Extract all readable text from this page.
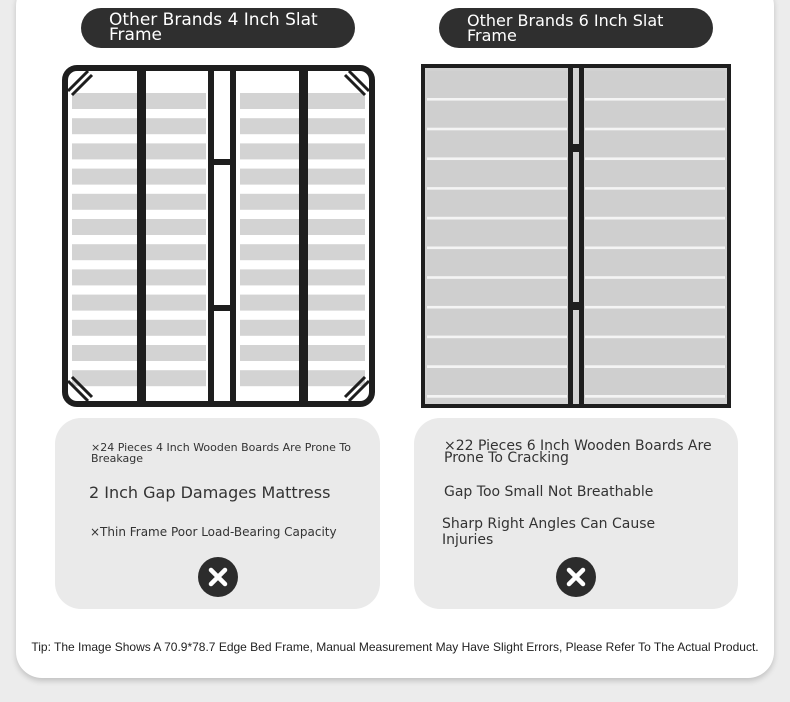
Other Brands 4 Inch Slat Frame
Other Brands 6 Inch Slat Frame
×24 Pieces 4 Inch Wooden Boards Are Prone To Breakage
2 Inch Gap Damages Mattress
×Thin Frame Poor Load-Bearing Capacity
×22 Pieces 6 Inch Wooden Boards Are Prone To Cracking
Gap Too Small Not Breathable
Sharp Right Angles Can Cause Injuries
Tip: The Image Shows A 70.9*78.7 Edge Bed Frame, Manual Measurement May Have Slight Errors, Please Refer To The Actual Product.
